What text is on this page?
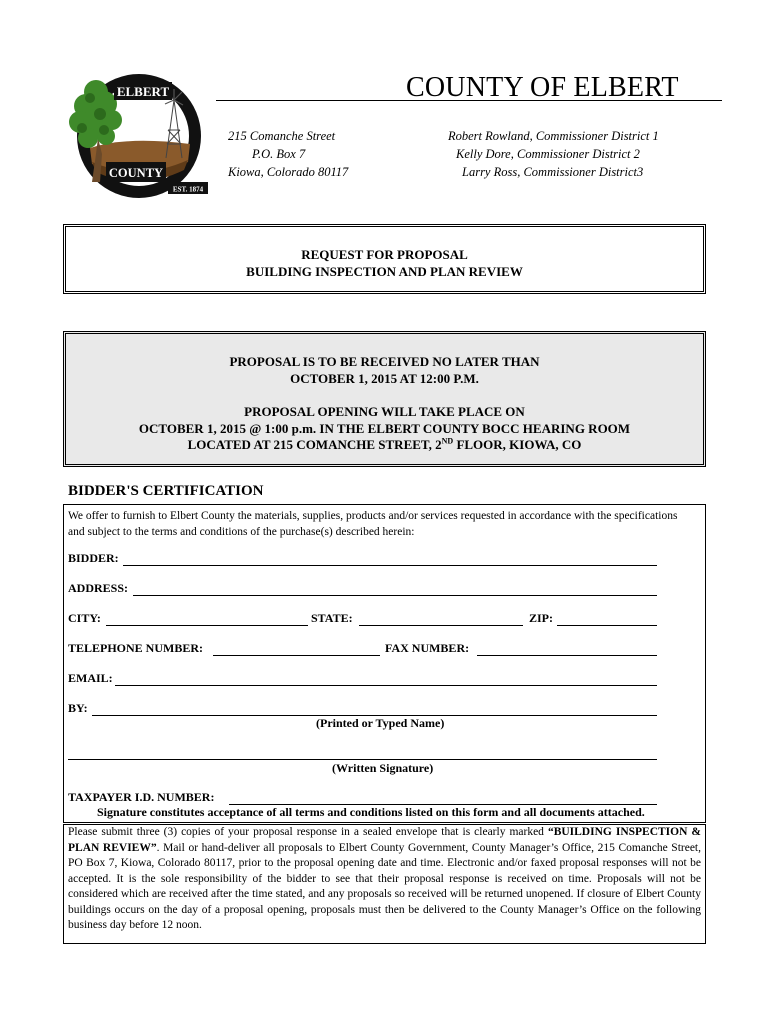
ELBERT
COUNTY
EST. 1874
COUNTY OF ELBERT
215 Comanche Street
P.O. Box 7
Kiowa, Colorado 80117
Robert Rowland, Commissioner District 1
Kelly Dore, Commissioner District 2
Larry Ross, Commissioner District3
REQUEST FOR PROPOSAL
BUILDING INSPECTION AND PLAN REVIEW
PROPOSAL IS TO BE RECEIVED NO LATER THAN
OCTOBER 1, 2015 AT 12:00 P.M.
PROPOSAL OPENING WILL TAKE PLACE ON
OCTOBER 1, 2015 @ 1:00 p.m. IN THE ELBERT COUNTY BOCC HEARING ROOM
LOCATED AT 215 COMANCHE STREET, 2ND FLOOR, KIOWA, CO
BIDDER'S CERTIFICATION
We offer to furnish to Elbert County the materials, supplies, products and/or services requested in accordance with the specifications and subject to the terms and conditions of the purchase(s) described herein:
BIDDER:
ADDRESS:
CITY:	STATE:	ZIP:
TELEPHONE NUMBER:	FAX NUMBER:
EMAIL:
BY:
(Printed or Typed Name)
(Written Signature)
TAXPAYER I.D. NUMBER:
Signature constitutes acceptance of all terms and conditions listed on this form and all documents attached.
Please submit three (3) copies of your proposal response in a sealed envelope that is clearly marked “BUILDING INSPECTION & PLAN REVIEW”. Mail or hand-deliver all proposals to Elbert County Government, County Manager’s Office, 215 Comanche Street, PO Box 7, Kiowa, Colorado 80117, prior to the proposal opening date and time. Electronic and/or faxed proposal responses will not be accepted. It is the sole responsibility of the bidder to see that their proposal response is received on time. Proposals will not be considered which are received after the time stated, and any proposals so received will be returned unopened. If closure of Elbert County buildings occurs on the day of a proposal opening, proposals must then be delivered to the County Manager’s Office on the following business day before 12 noon.
